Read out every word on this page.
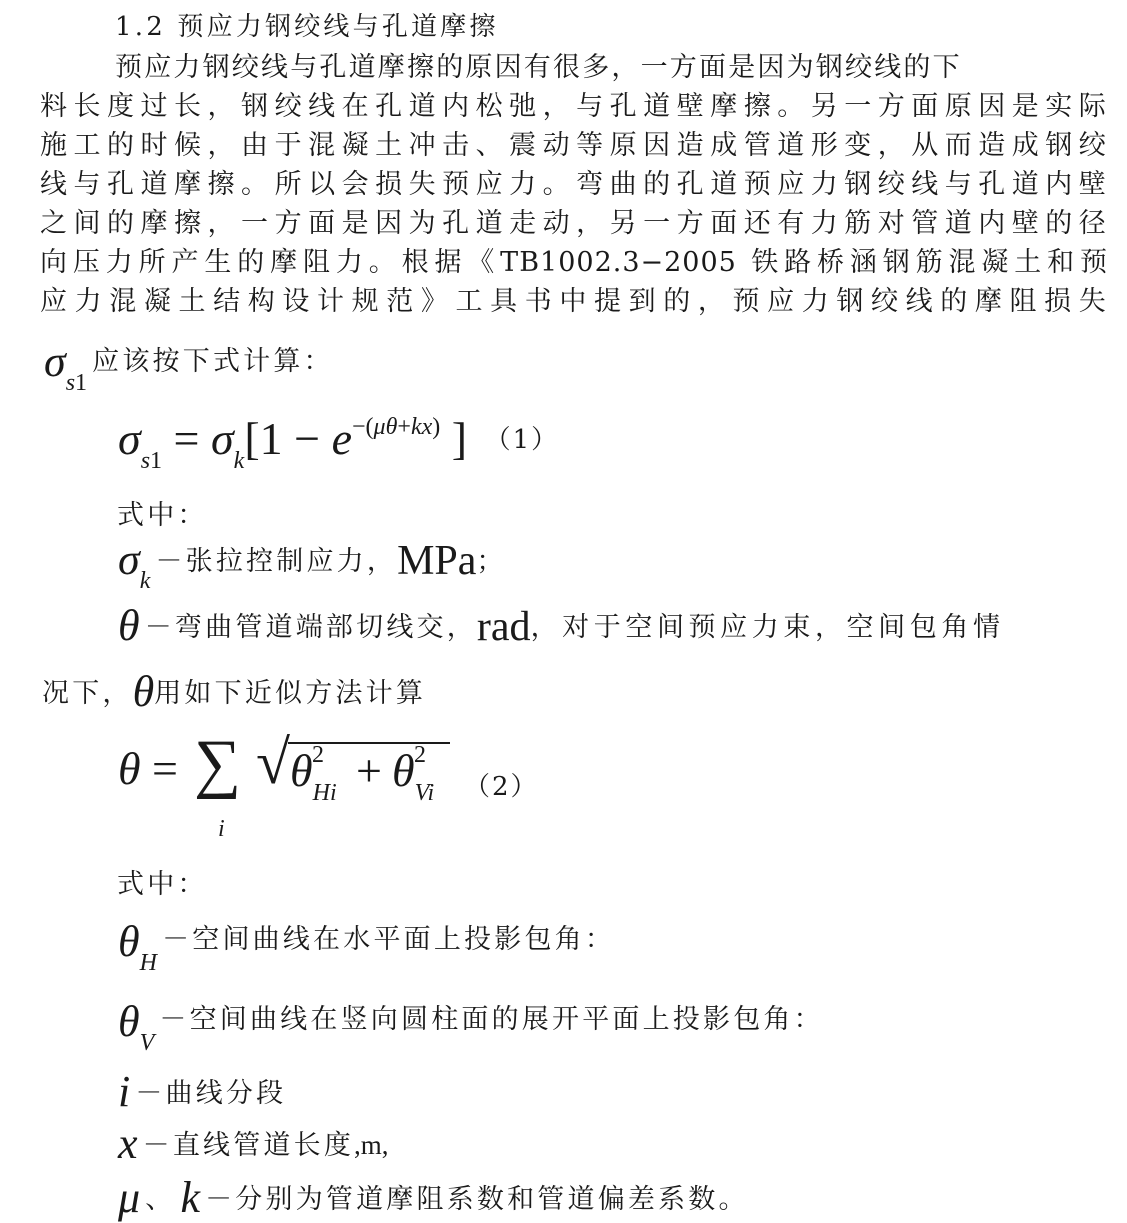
1.2 预应力钢绞线与孔道摩擦
预应力钢绞线与孔道摩擦的原因有很多，一方面是因为钢绞线的下
料长度过长，钢绞线在孔道内松弛，与孔道壁摩擦。另一方面原因是实际
施工的时候，由于混凝土冲击、震动等原因造成管道形变，从而造成钢绞
线与孔道摩擦。所以会损失预应力。弯曲的孔道预应力钢绞线与孔道内壁
之间的摩擦，一方面是因为孔道走动，另一方面还有力筋对管道内壁的径
向压力所产生的摩阻力。根据《TB1002.3−2005 铁路桥涵钢筋混凝土和预
应力混凝土结构设计规范》工具书中提到的，预应力钢绞线的摩阻损失
$\sigma_{s1}$ 应该按下式计算：
$\sigma_{s1} = \sigma_k[1 - e^{-(\mu\theta+kx)}$ ] （1）
式中：
$\sigma_k$ －张拉控制应力，MPa；
θ －弯曲管道端部切线交，rad，对于空间预应力束，空间包角情
况下，θ用如下近似方法计算
θ = ∑
i
√ $\theta_{Hi}$
$2 + \theta_{Vi}$
2
（2）
式中：
$\theta_H$ －空间曲线在水平面上投影包角：
$\theta_V$ －空间曲线在竖向圆柱面的展开平面上投影包角：
i －曲线分段
x －直线管道长度,m,
μ 、 k －分别为管道摩阻系数和管道偏差系数。
